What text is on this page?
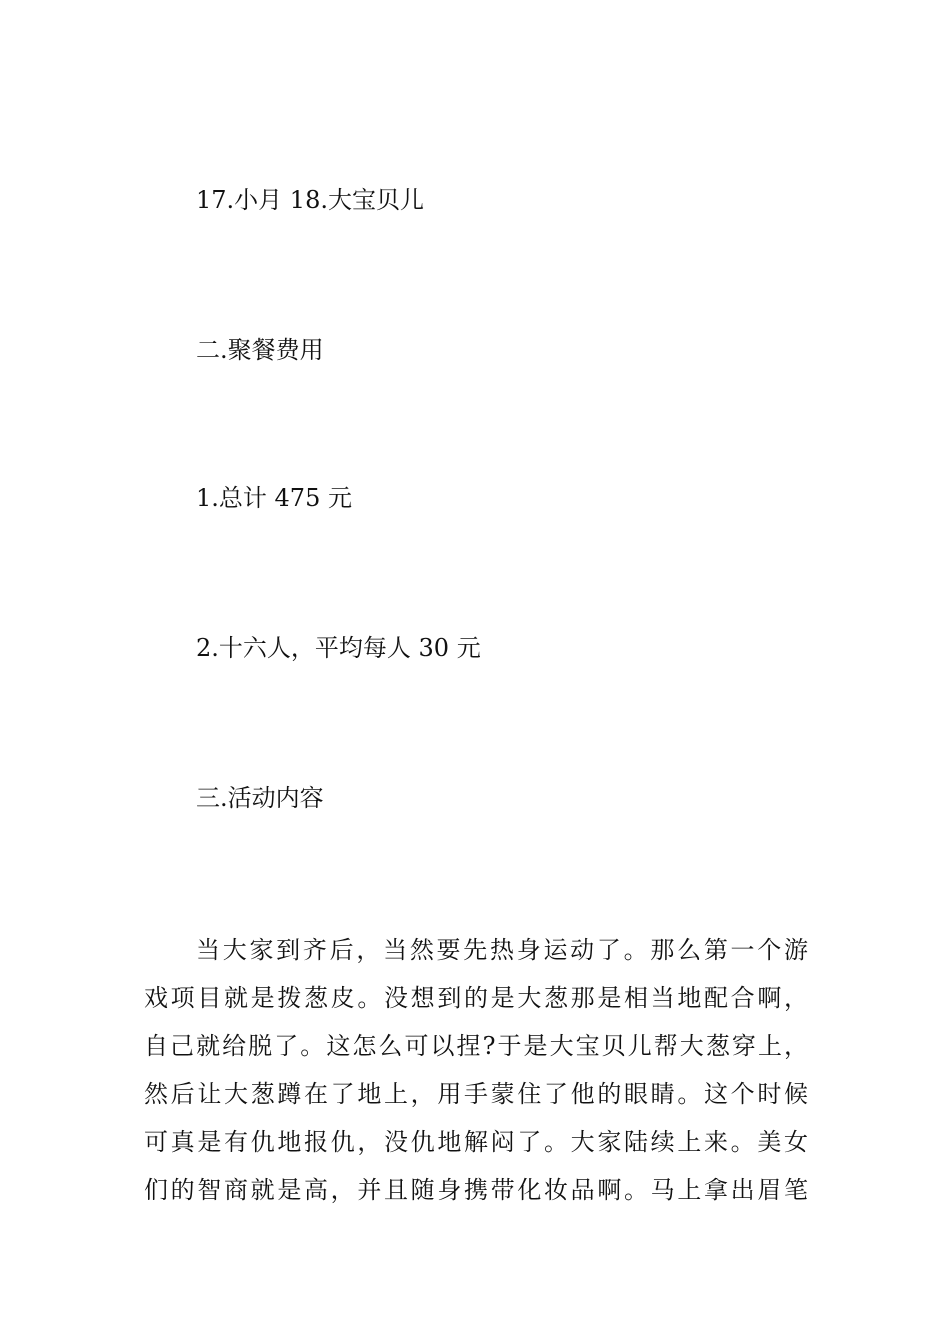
17.小月 18.大宝贝儿
二.聚餐费用
1.总计 475 元
2.十六人，平均每人 30 元
三.活动内容
当大家到齐后，当然要先热身运动了。那么第一个游
戏项目就是拨葱皮。没想到的是大葱那是相当地配合啊，
自己就给脱了。这怎么可以捏?于是大宝贝儿帮大葱穿上，
然后让大葱蹲在了地上，用手蒙住了他的眼睛。这个时候
可真是有仇地报仇，没仇地解闷了。大家陆续上来。美女
们的智商就是高，并且随身携带化妆品啊。马上拿出眉笔
